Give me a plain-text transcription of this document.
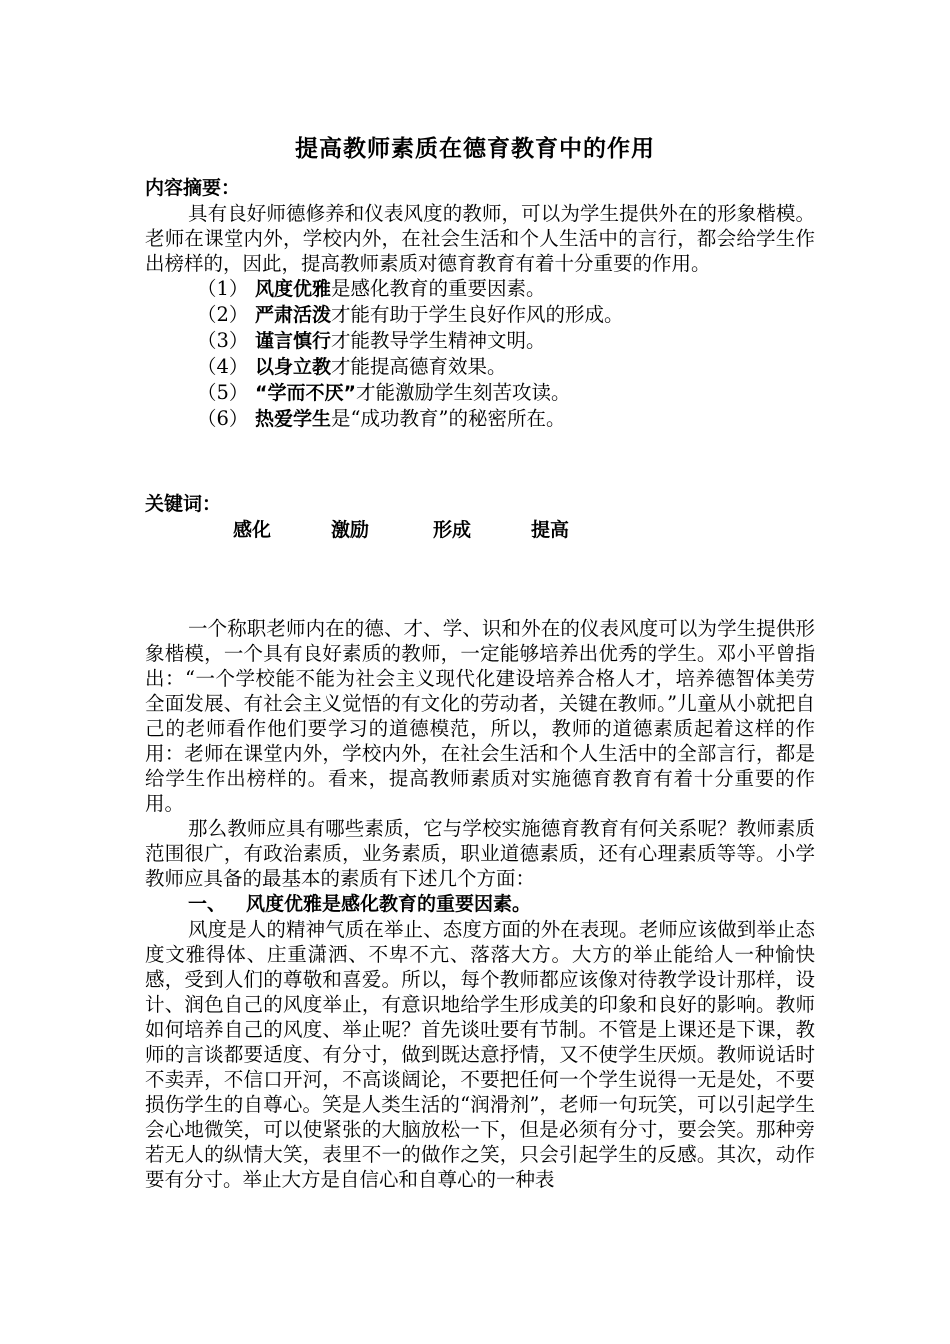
提高教师素质在德育教育中的作用
内容摘要：
具有良好师德修养和仪表风度的教师，可以为学生提供外在的形象楷模。老师在课堂内外，学校内外，在社会生活和个人生活中的言行，都会给学生作出榜样的，因此，提高教师素质对德育教育有着十分重要的作用。
（1） 风度优雅是感化教育的重要因素。
（2） 严肃活泼才能有助于学生良好作风的形成。
（3） 谨言慎行才能教导学生精神文明。
（4） 以身立教才能提高德育效果。
（5） “学而不厌”才能激励学生刻苦攻读。
（6） 热爱学生是“成功教育”的秘密所在。
关键词：
感化	激励	形成	提高
一个称职老师内在的德、才、学、识和外在的仪表风度可以为学生提供形象楷模，一个具有良好素质的教师，一定能够培养出优秀的学生。邓小平曾指出：“一个学校能不能为社会主义现代化建设培养合格人才，培养德智体美劳全面发展、有社会主义觉悟的有文化的劳动者，关键在教师。”儿童从小就把自己的老师看作他们要学习的道德模范，所以，教师的道德素质起着这样的作用：老师在课堂内外，学校内外，在社会生活和个人生活中的全部言行，都是给学生作出榜样的。看来，提高教师素质对实施德育教育有着十分重要的作用。
那么教师应具有哪些素质，它与学校实施德育教育有何关系呢？教师素质范围很广，有政治素质，业务素质，职业道德素质，还有心理素质等等。小学教师应具备的最基本的素质有下述几个方面：
一、 风度优雅是感化教育的重要因素。
风度是人的精神气质在举止、态度方面的外在表现。老师应该做到举止态度文雅得体、庄重潇洒、不卑不亢、落落大方。大方的举止能给人一种愉快感，受到人们的尊敬和喜爱。所以，每个教师都应该像对待教学设计那样，设计、润色自己的风度举止，有意识地给学生形成美的印象和良好的影响。教师如何培养自己的风度、举止呢？首先谈吐要有节制。不管是上课还是下课，教师的言谈都要适度、有分寸，做到既达意抒情，又不使学生厌烦。教师说话时不卖弄，不信口开河，不高谈阔论，不要把任何一个学生说得一无是处，不要损伤学生的自尊心。笑是人类生活的“润滑剂”，老师一句玩笑，可以引起学生会心地微笑，可以使紧张的大脑放松一下，但是必须有分寸，要会笑。那种旁若无人的纵情大笑，表里不一的做作之笑，只会引起学生的反感。其次，动作要有分寸。举止大方是自信心和自尊心的一种表
